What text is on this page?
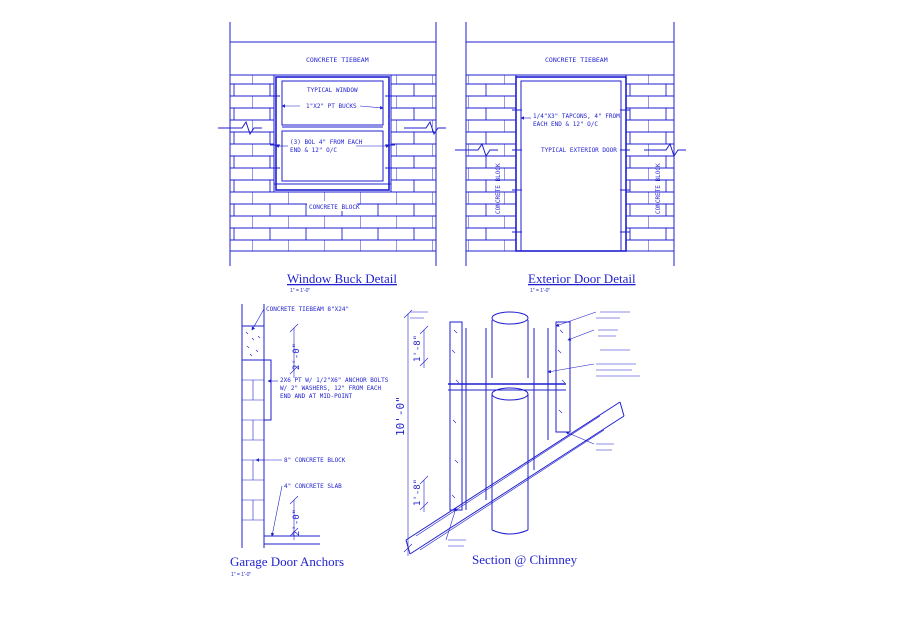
CONCRETE TIEBEAM
TYPICAL WINDOW
1"X2" PT BUCKS
(3) BOL 4" FROM EACH
END & 12" O/C
CONCRETE BLOCK
Window Buck Detail
1" = 1'-0"
CONCRETE TIEBEAM
1/4"X3" TAPCONS, 4" FROM
EACH END & 12" O/C
TYPICAL EXTERIOR DOOR
CONCRETE BLOCK	CONCRETE BLOCK
Exterior Door Detail
1" = 1'-0"
2'-0"
2'-0"
CONCRETE TIEBEAM 8"X24"
2X6 PT W/ 1/2"X6" ANCHOR BOLTS
W/ 2" WASHERS, 12" FROM EACH
END AND AT MID-POINT
8" CONCRETE BLOCK
4" CONCRETE SLAB
Garage Door Anchors
1" = 1'-0"
10'-0"
1'-8"
1'-8"
Section @ Chimney
